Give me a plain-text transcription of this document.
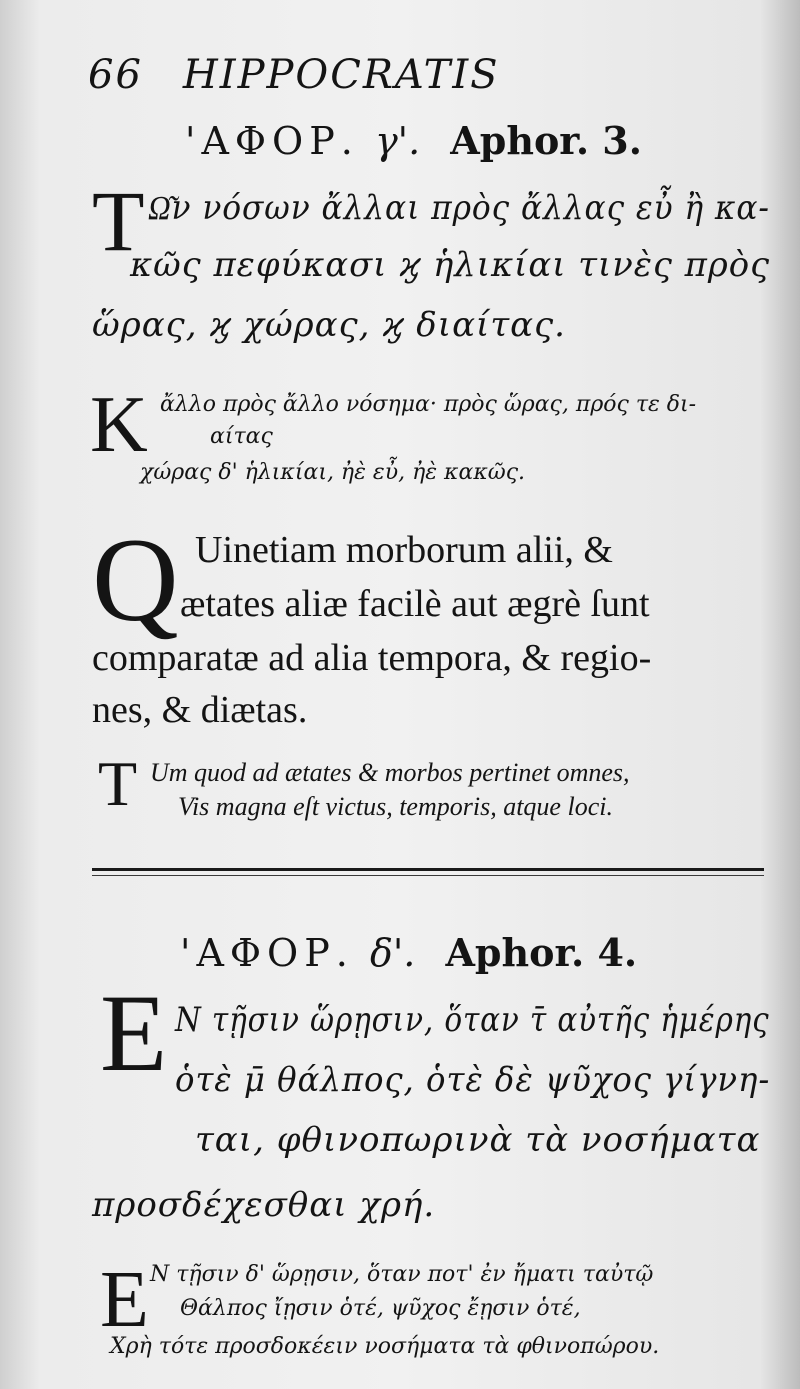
66 HIPPOCRATIS
'ΑΦΟΡ. γ'. Aphor. 3.
T Ω͂ν νόσων ἄλλαι πρὸς ἄλλας εὖ ἢ κα-
κῶς πεφύκασι ϗ ἡλικίαι τινὲς πρὸς
ὥρας, ϗ χώρας, ϗ διαίτας.
K ἄλλο πρὸς ἄλλο νόσημα· πρὸς ὥρας, πρός τε δι-
αίτας
χώρας δ' ἡλικίαι, ἠὲ εὖ, ἠὲ κακῶς.
Q Uinetiam morborum alii, &
ætates aliæ facilè aut ægrè ſunt
comparatæ ad alia tempora, & regio-
nes, & diætas.
T Um quod ad ætates & morbos pertinet omnes,
Vis magna eſt victus, temporis, atque loci.
'ΑΦΟΡ. δ'. Aphor. 4.
E Ν τῇσιν ὥρῃσιν, ὅταν τ̄ αὐτῆς ἡμέρης
ὁτὲ μ̄ θάλπος, ὁτὲ δὲ ψῦχος γίγνη-
ται, φθινοπωρινὰ τὰ νοσήματα
προσδέχεσθαι χρή.
E Ν τῇσιν δ' ὥρῃσιν, ὅταν ποτ' ἐν ἤματι ταὐτῷ
Θάλπος ἴῃσιν ὁτέ, ψῦχος ἔῃσιν ὁτέ,
Χρὴ τότε προσδοκέειν νοσήματα τὰ φθινοπώρου.
